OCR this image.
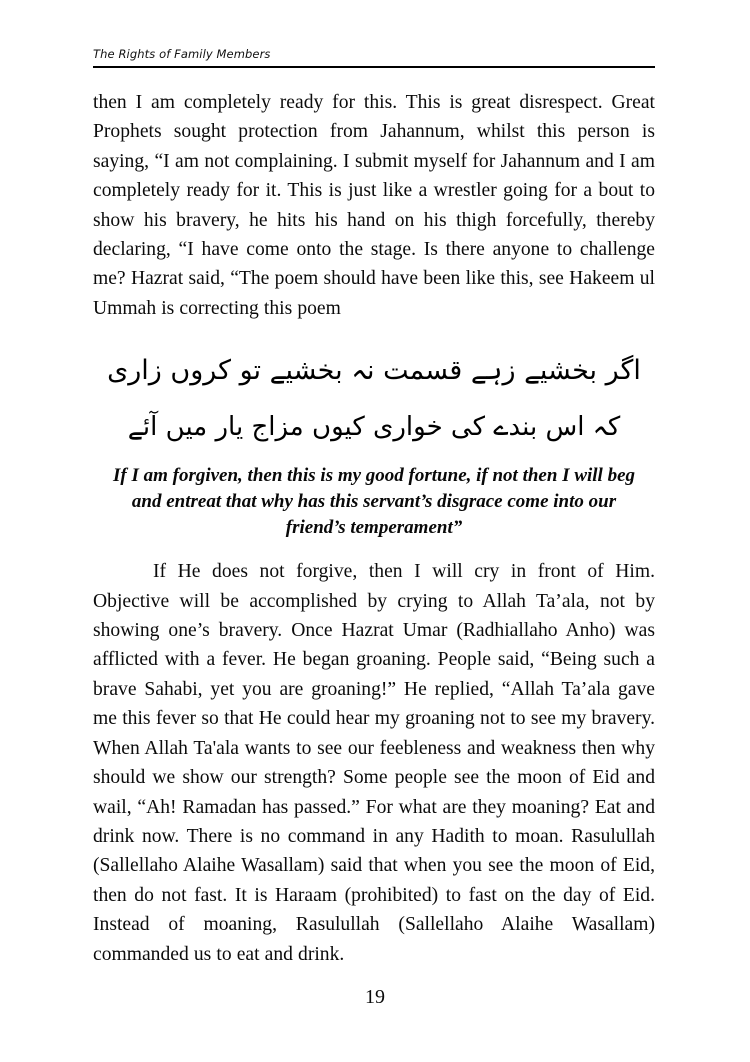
The Rights of Family Members

then I am completely ready for this. This is great disrespect. Great Prophets sought protection from Jahannum, whilst this person is saying, “I am not complaining. I submit myself for Jahannum and I am completely ready for it. This is just like a wrestler going for a bout to show his bravery, he hits his hand on his thigh forcefully, thereby declaring, “I have come onto the stage. Is there anyone to challenge me? Hazrat said, “The poem should have been like this, see Hakeem ul Ummah is correcting this poem

اگر بخشیے زہے قسمت نہ بخشیے تو کروں زاری
کہ اس بندے کی خواری کیوں مزاج یار میں آئے
If I am forgiven, then this is my good fortune, if not then I will beg and entreat that why has this servant’s disgrace come into our friend’s temperament”

If He does not forgive, then I will cry in front of Him. Objective will be accomplished by crying to Allah Ta’ala, not by showing one’s bravery. Once Hazrat Umar (Radhiallaho Anho) was afflicted with a fever. He began groaning. People said, “Being such a brave Sahabi, yet you are groaning!” He replied, “Allah Ta’ala gave me this fever so that He could hear my groaning not to see my bravery. When Allah Ta'ala wants to see our feebleness and weakness then why should we show our strength? Some people see the moon of Eid and wail, “Ah! Ramadan has passed.” For what are they moaning? Eat and drink now. There is no command in any Hadith to moan. Rasulullah (Sallellaho Alaihe Wasallam) said that when you see the moon of Eid, then do not fast. It is Haraam (prohibited) to fast on the day of Eid. Instead of moaning, Rasulullah (Sallellaho Alaihe Wasallam) commanded us to eat and drink.

19
